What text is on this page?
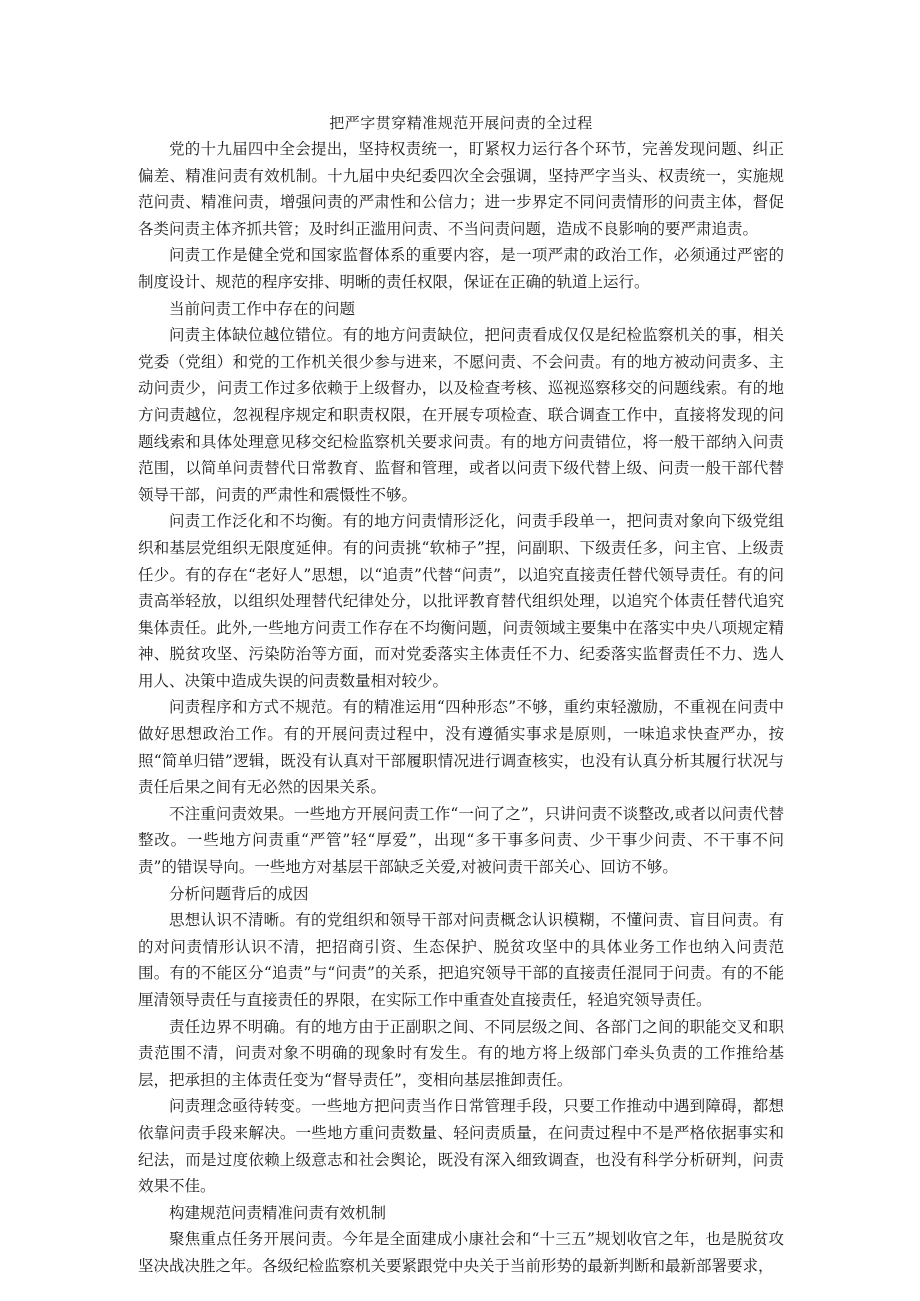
把严字贯穿精准规范开展问责的全过程

党的十九届四中全会提出，坚持权责统一，盯紧权力运行各个环节，完善发现问题、纠正偏差、精准问责有效机制。十九届中央纪委四次全会强调，坚持严字当头、权责统一，实施规范问责、精准问责，增强问责的严肃性和公信力；进一步界定不同问责情形的问责主体，督促各类问责主体齐抓共管；及时纠正滥用问责、不当问责问题，造成不良影响的要严肃追责。

问责工作是健全党和国家监督体系的重要内容，是一项严肃的政治工作，必须通过严密的制度设计、规范的程序安排、明晰的责任权限，保证在正确的轨道上运行。

当前问责工作中存在的问题

问责主体缺位越位错位。有的地方问责缺位，把问责看成仅仅是纪检监察机关的事，相关党委（党组）和党的工作机关很少参与进来，不愿问责、不会问责。有的地方被动问责多、主动问责少，问责工作过多依赖于上级督办，以及检查考核、巡视巡察移交的问题线索。有的地方问责越位，忽视程序规定和职责权限，在开展专项检查、联合调查工作中，直接将发现的问题线索和具体处理意见移交纪检监察机关要求问责。有的地方问责错位，将一般干部纳入问责范围，以简单问责替代日常教育、监督和管理，或者以问责下级代替上级、问责一般干部代替领导干部，问责的严肃性和震慑性不够。

问责工作泛化和不均衡。有的地方问责情形泛化，问责手段单一，把问责对象向下级党组织和基层党组织无限度延伸。有的问责挑“软柿子”捏，问副职、下级责任多，问主官、上级责任少。有的存在“老好人”思想，以“追责”代替“问责”，以追究直接责任替代领导责任。有的问责高举轻放，以组织处理替代纪律处分，以批评教育替代组织处理，以追究个体责任替代追究集体责任。此外,一些地方问责工作存在不均衡问题，问责领域主要集中在落实中央八项规定精神、脱贫攻坚、污染防治等方面，而对党委落实主体责任不力、纪委落实监督责任不力、选人用人、决策中造成失误的问责数量相对较少。

问责程序和方式不规范。有的精准运用“四种形态”不够，重约束轻激励，不重视在问责中做好思想政治工作。有的开展问责过程中，没有遵循实事求是原则，一味追求快查严办，按照“简单归错”逻辑，既没有认真对干部履职情况进行调查核实，也没有认真分析其履行状况与责任后果之间有无必然的因果关系。

不注重问责效果。一些地方开展问责工作“一问了之”，只讲问责不谈整改,或者以问责代替整改。一些地方问责重“严管”轻“厚爱”，出现“多干事多问责、少干事少问责、不干事不问责”的错误导向。一些地方对基层干部缺乏关爱,对被问责干部关心、回访不够。

分析问题背后的成因

思想认识不清晰。有的党组织和领导干部对问责概念认识模糊，不懂问责、盲目问责。有的对问责情形认识不清，把招商引资、生态保护、脱贫攻坚中的具体业务工作也纳入问责范围。有的不能区分“追责”与“问责”的关系，把追究领导干部的直接责任混同于问责。有的不能厘清领导责任与直接责任的界限，在实际工作中重查处直接责任，轻追究领导责任。

责任边界不明确。有的地方由于正副职之间、不同层级之间、各部门之间的职能交叉和职责范围不清，问责对象不明确的现象时有发生。有的地方将上级部门牵头负责的工作推给基层，把承担的主体责任变为“督导责任”，变相向基层推卸责任。

问责理念亟待转变。一些地方把问责当作日常管理手段，只要工作推动中遇到障碍，都想依靠问责手段来解决。一些地方重问责数量、轻问责质量，在问责过程中不是严格依据事实和纪法，而是过度依赖上级意志和社会舆论，既没有深入细致调查，也没有科学分析研判，问责效果不佳。

构建规范问责精准问责有效机制

聚焦重点任务开展问责。今年是全面建成小康社会和“十三五”规划收官之年，也是脱贫攻坚决战决胜之年。各级纪检监察机关要紧跟党中央关于当前形势的最新判断和最新部署要求，
